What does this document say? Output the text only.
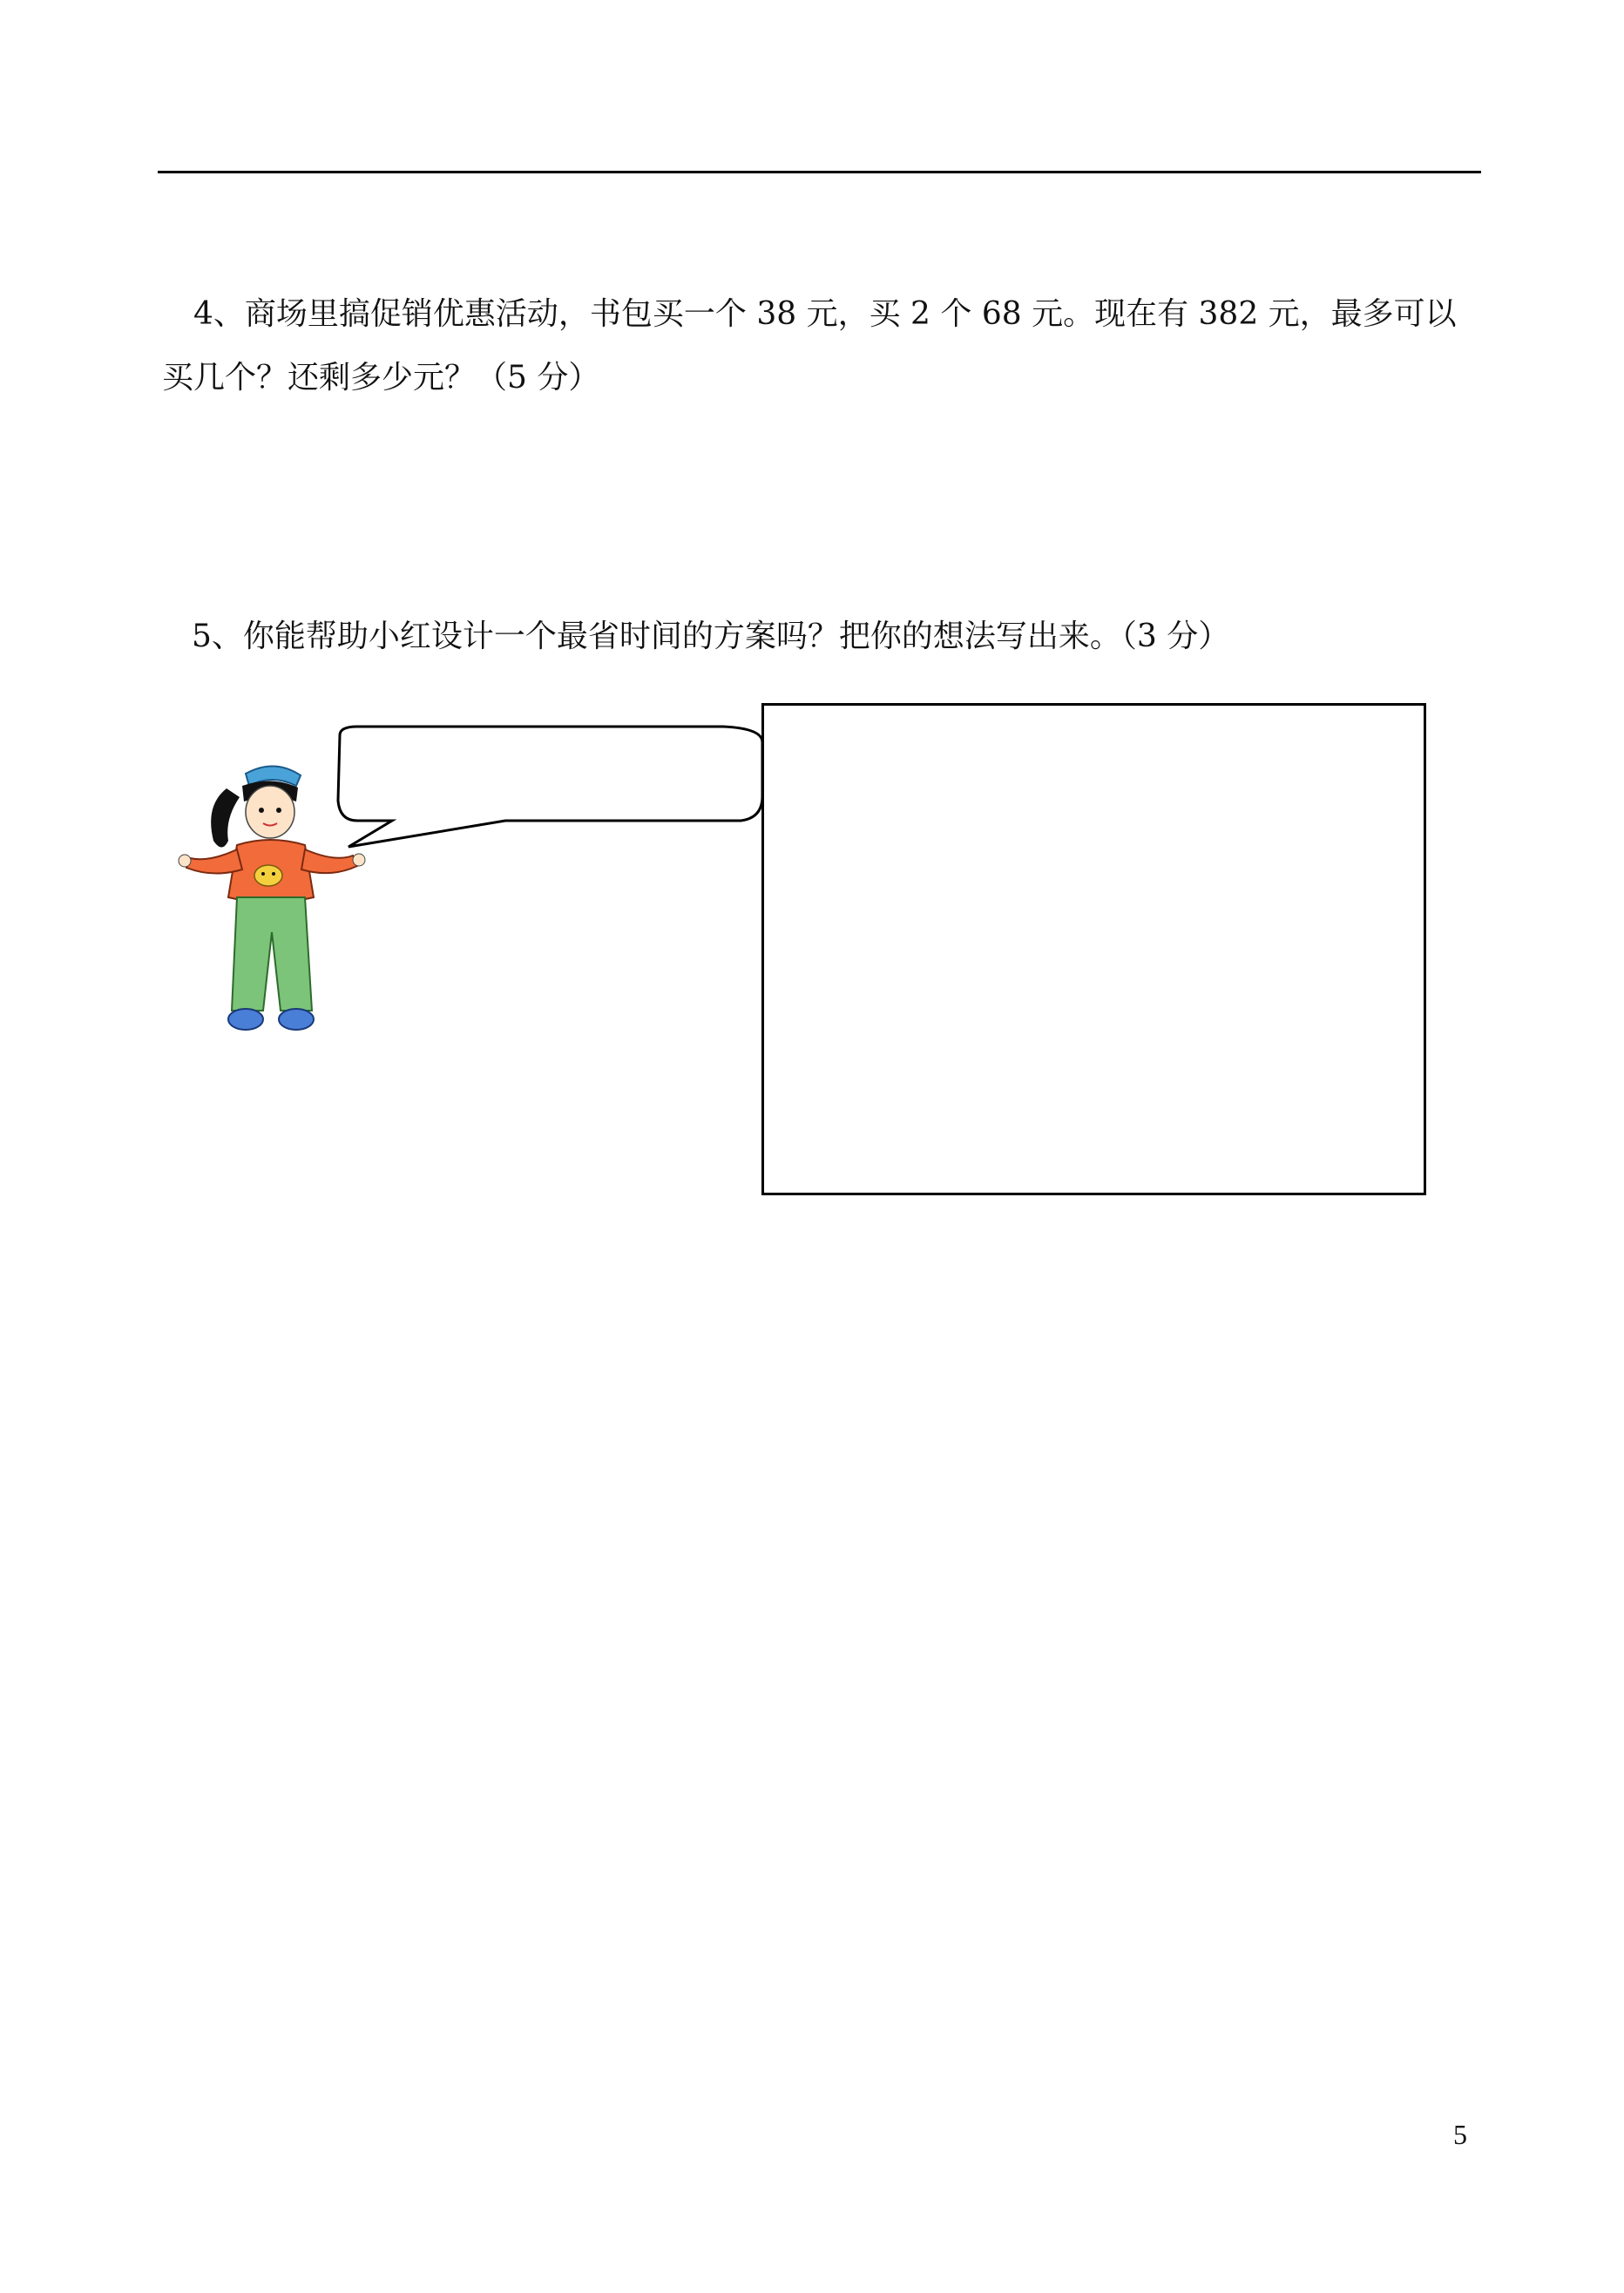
4、商场里搞促销优惠活动，书包买一个 38 元，买 2 个 68 元。现在有 382 元，最多可以
买几个？还剩多少元？（5 分）
5、你能帮助小红设计一个最省时间的方案吗？把你的想法写出来。（3 分）
5
